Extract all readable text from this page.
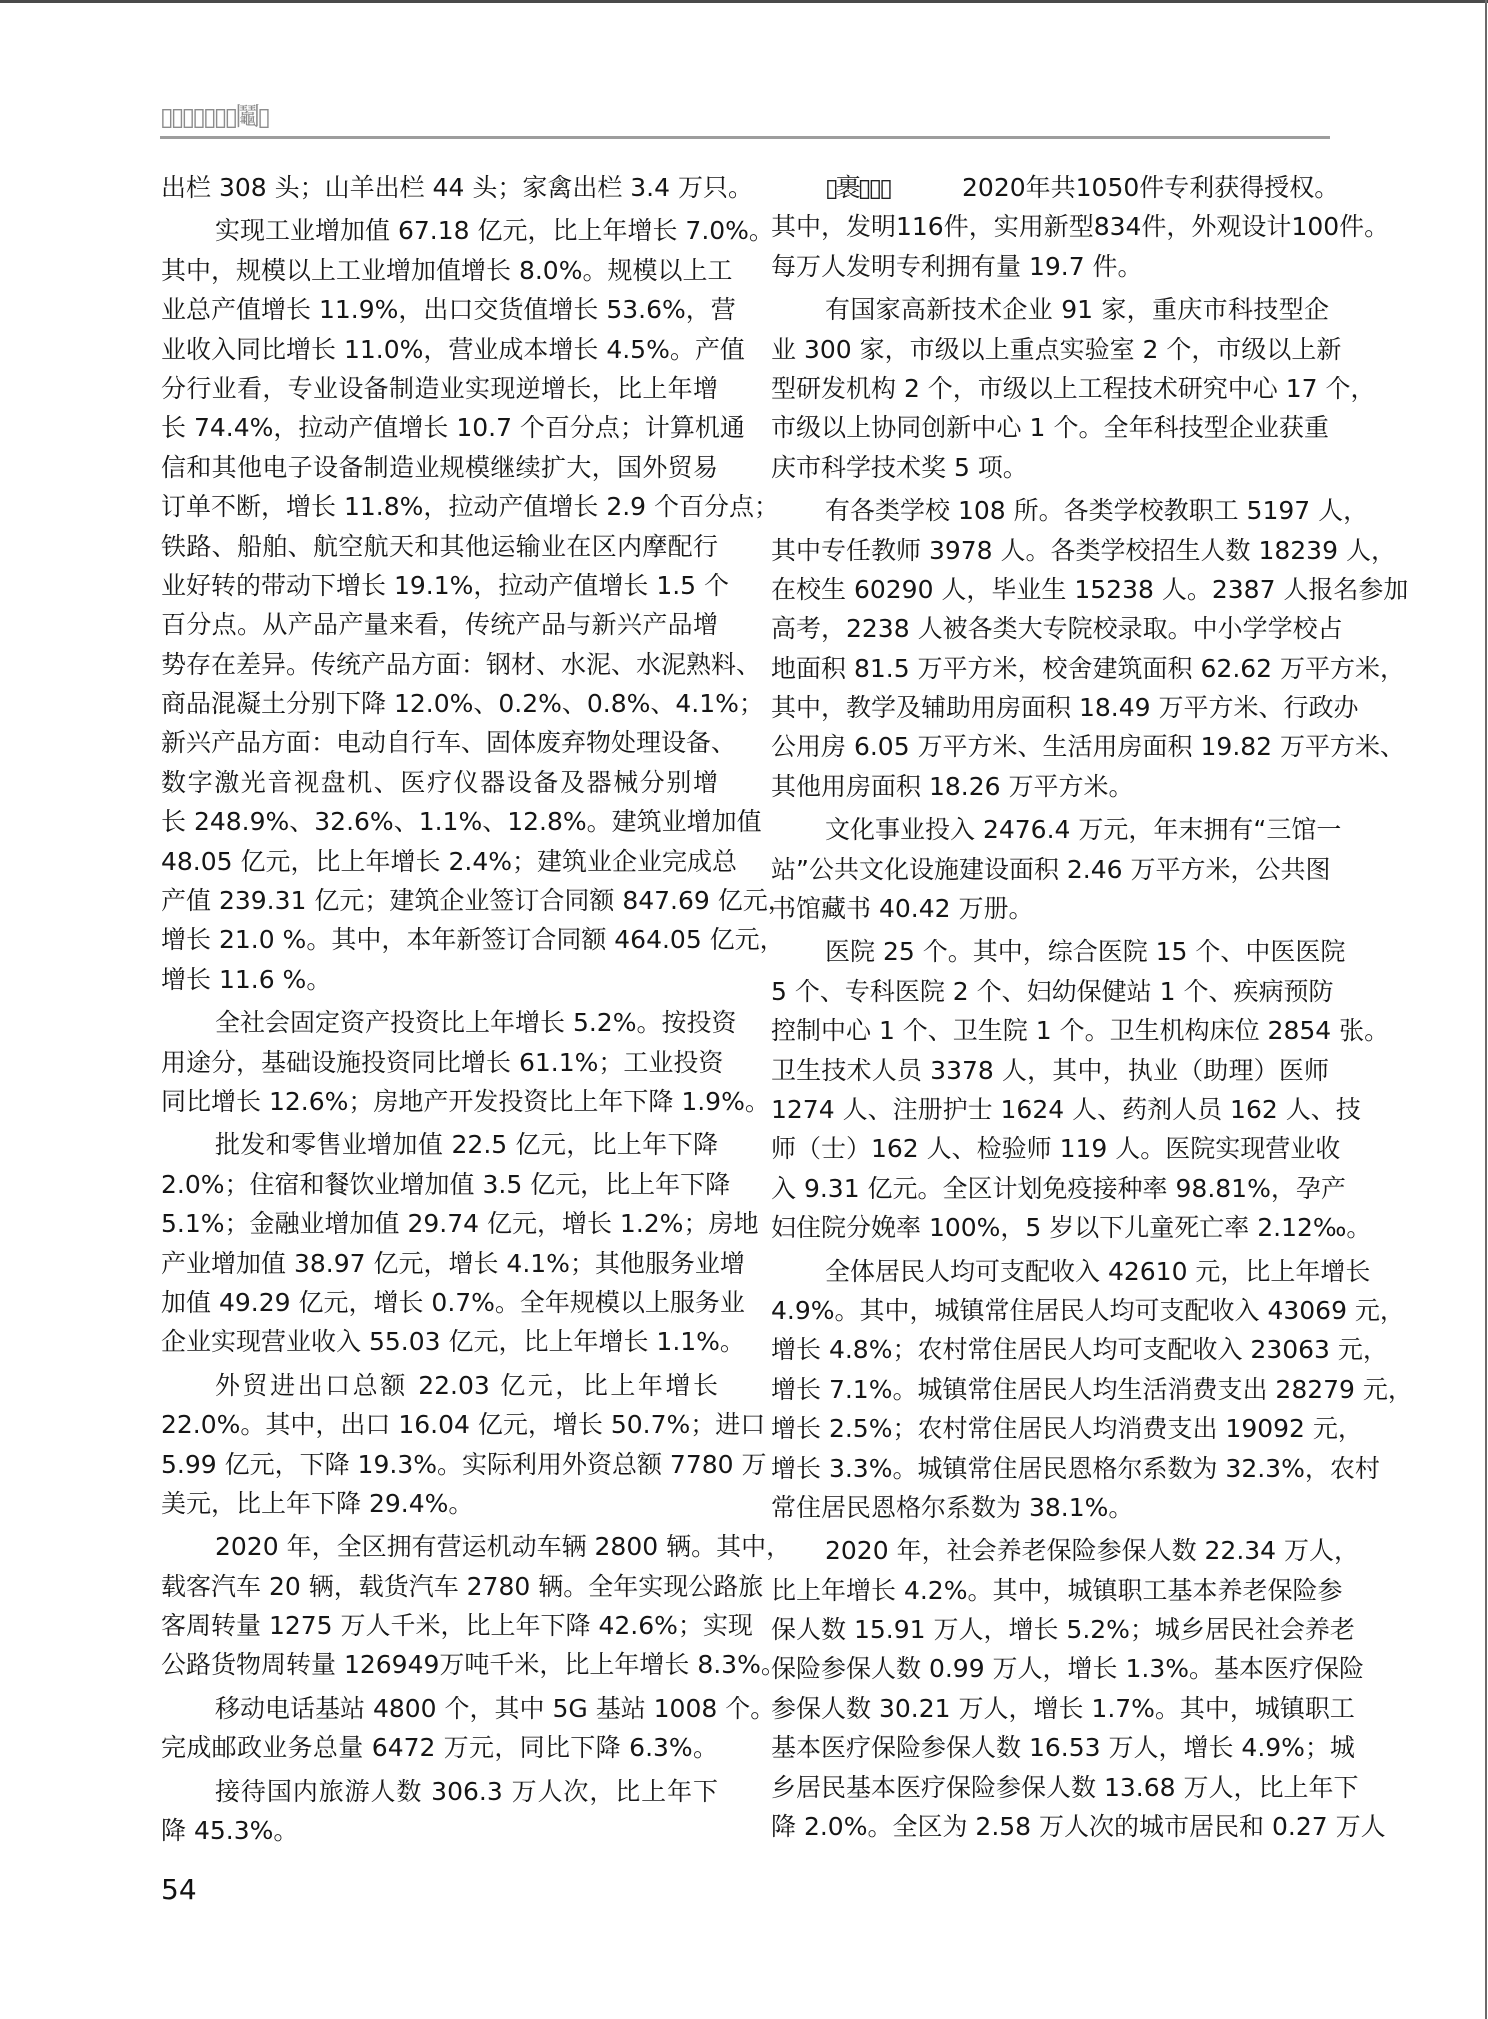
▯▯▯▯▯▯▯鬮▯
出栏 308 头；山羊出栏 44 头；家禽出栏 3.4 万只。
实现工业增加值 67.18 亿元，比上年增长 7.0%。
其中，规模以上工业增加值增长 8.0%。规模以上工
业总产值增长 11.9%，出口交货值增长 53.6%，营
业收入同比增长 11.0%，营业成本增长 4.5%。产值
分行业看，专业设备制造业实现逆增长，比上年增
长 74.4%，拉动产值增长 10.7 个百分点；计算机通
信和其他电子设备制造业规模继续扩大，国外贸易
订单不断，增长 11.8%，拉动产值增长 2.9 个百分点；
铁路、船舶、航空航天和其他运输业在区内摩配行
业好转的带动下增长 19.1%，拉动产值增长 1.5 个
百分点。从产品产量来看，传统产品与新兴产品增
势存在差异。传统产品方面：钢材、水泥、水泥熟料、
商品混凝土分别下降 12.0%、0.2%、0.8%、4.1%；
新兴产品方面：电动自行车、固体废弃物处理设备、
数字激光音视盘机、医疗仪器设备及器械分别增
长 248.9%、32.6%、1.1%、12.8%。建筑业增加值
48.05 亿元，比上年增长 2.4%；建筑业企业完成总
产值 239.31 亿元；建筑企业签订合同额 847.69 亿元，
增长 21.0 %。其中，本年新签订合同额 464.05 亿元，
增长 11.6 %。
全社会固定资产投资比上年增长 5.2%。按投资
用途分，基础设施投资同比增长 61.1%；工业投资
同比增长 12.6%；房地产开发投资比上年下降 1.9%。
批发和零售业增加值 22.5 亿元，比上年下降
2.0%；住宿和餐饮业增加值 3.5 亿元，比上年下降
5.1%；金融业增加值 29.74 亿元，增长 1.2%；房地
产业增加值 38.97 亿元，增长 4.1%；其他服务业增
加值 49.29 亿元，增长 0.7%。全年规模以上服务业
企业实现营业收入 55.03 亿元，比上年增长 1.1%。
外贸进出口总额 22.03 亿元，比上年增长
22.0%。其中，出口 16.04 亿元，增长 50.7%；进口
5.99 亿元，下降 19.3%。实际利用外资总额 7780 万
美元，比上年下降 29.4%。
2020 年，全区拥有营运机动车辆 2800 辆。其中，
载客汽车 20 辆，载货汽车 2780 辆。全年实现公路旅
客周转量 1275 万人千米，比上年下降 42.6%；实现
公路货物周转量 126949万吨千米，比上年增长 8.3%。
移动电话基站 4800 个，其中 5G 基站 1008 个。
完成邮政业务总量 6472 万元，同比下降 6.3%。
接待国内旅游人数 306.3 万人次，比上年下
降 45.3%。
▯裹▯▯▯	2020年共1050件专利获得授权。
其中，发明116件，实用新型834件，外观设计100件。
每万人发明专利拥有量 19.7 件。
有国家高新技术企业 91 家，重庆市科技型企
业 300 家，市级以上重点实验室 2 个，市级以上新
型研发机构 2 个，市级以上工程技术研究中心 17 个，
市级以上协同创新中心 1 个。全年科技型企业获重
庆市科学技术奖 5 项。
有各类学校 108 所。各类学校教职工 5197 人，
其中专任教师 3978 人。各类学校招生人数 18239 人，
在校生 60290 人，毕业生 15238 人。2387 人报名参加
高考，2238 人被各类大专院校录取。中小学学校占
地面积 81.5 万平方米，校舍建筑面积 62.62 万平方米，
其中，教学及辅助用房面积 18.49 万平方米、行政办
公用房 6.05 万平方米、生活用房面积 19.82 万平方米、
其他用房面积 18.26 万平方米。
文化事业投入 2476.4 万元，年末拥有“三馆一
站”公共文化设施建设面积 2.46 万平方米，公共图
书馆藏书 40.42 万册。
医院 25 个。其中，综合医院 15 个、中医医院
5 个、专科医院 2 个、妇幼保健站 1 个、疾病预防
控制中心 1 个、卫生院 1 个。卫生机构床位 2854 张。
卫生技术人员 3378 人，其中，执业（助理）医师
1274 人、注册护士 1624 人、药剂人员 162 人、技
师（士）162 人、检验师 119 人。医院实现营业收
入 9.31 亿元。全区计划免疫接种率 98.81%，孕产
妇住院分娩率 100%，5 岁以下儿童死亡率 2.12‰。
全体居民人均可支配收入 42610 元，比上年增长
4.9%。其中，城镇常住居民人均可支配收入 43069 元，
增长 4.8%；农村常住居民人均可支配收入 23063 元，
增长 7.1%。城镇常住居民人均生活消费支出 28279 元，
增长 2.5%；农村常住居民人均消费支出 19092 元，
增长 3.3%。城镇常住居民恩格尔系数为 32.3%，农村
常住居民恩格尔系数为 38.1%。
2020 年，社会养老保险参保人数 22.34 万人，
比上年增长 4.2%。其中，城镇职工基本养老保险参
保人数 15.91 万人，增长 5.2%；城乡居民社会养老
保险参保人数 0.99 万人，增长 1.3%。基本医疗保险
参保人数 30.21 万人，增长 1.7%。其中，城镇职工
基本医疗保险参保人数 16.53 万人，增长 4.9%；城
乡居民基本医疗保险参保人数 13.68 万人，比上年下
降 2.0%。全区为 2.58 万人次的城市居民和 0.27 万人
54
